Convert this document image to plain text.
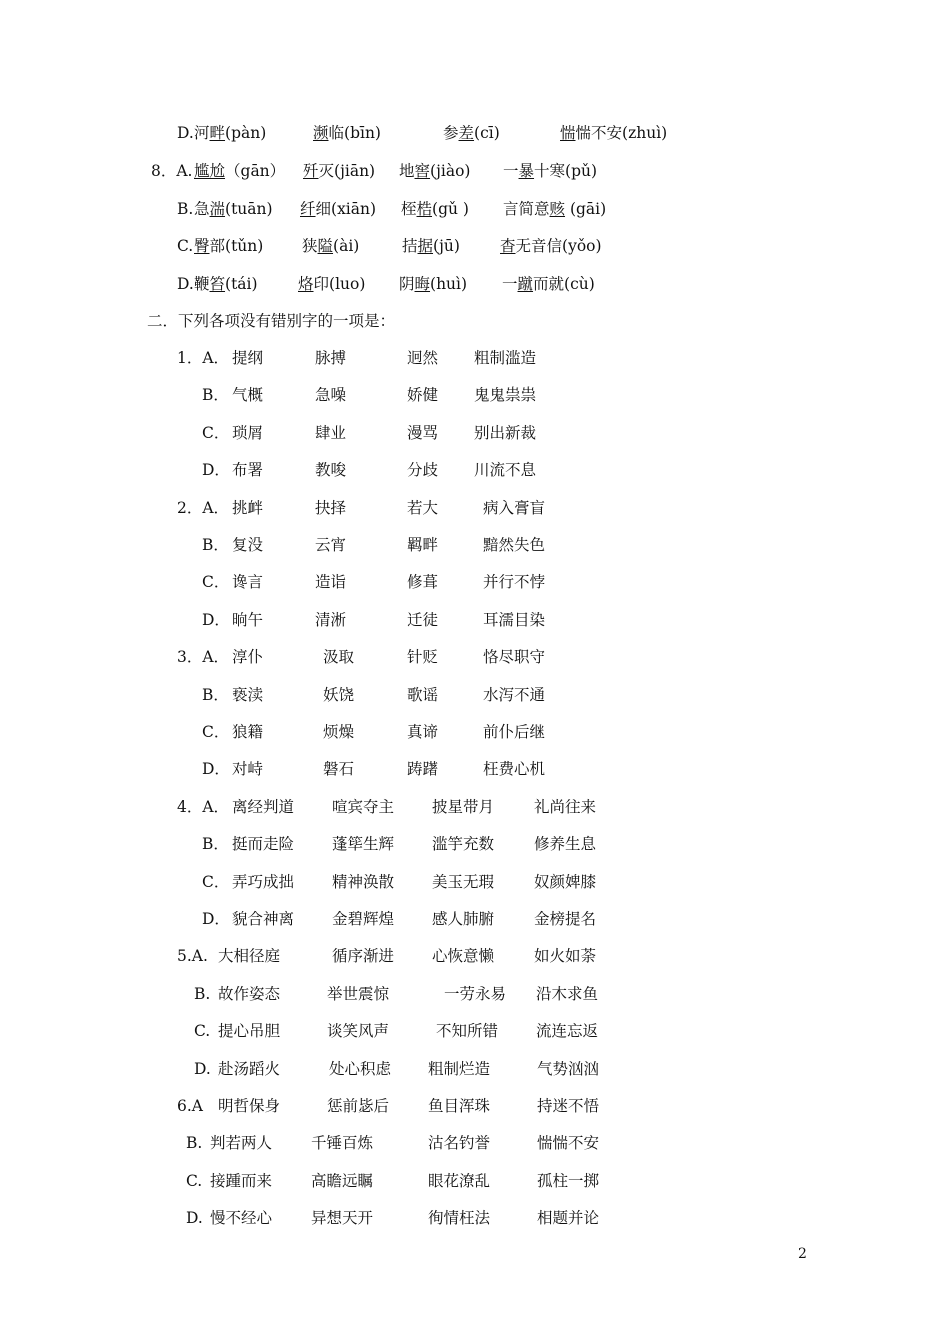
D. 河畔(pàn)	濒临(bīn)	参差(cī)	惴惴不安(zhuì)
8．A. 尴尬（gān） 歼灭(jiān) 地窖(jiào) 一暴十寒(pǔ)
B. 急湍(tuān) 纤细(xiān) 桎梏(gǔ ) 言简意赅 (gāi)
C. 臀部(tǔn) 狭隘(ài)	拮据(jū)	杳无音信(yǒo)
D. 鞭笞(tái)	烙印(luo) 阴晦(huì) 一蹴而就(cù)
1．A． 提纲	脉搏	迥然 粗制滥造
B． 气概	急噪	娇健 鬼鬼祟祟
C． 琐屑	肆业	漫骂 别出新裁
D． 布署	教唆	分歧 川流不息
2．A． 挑衅	抉择	若大	病入膏盲
B． 复没	云宵	羁畔	黯然失色
C． 谗言	造诣	修葺	并行不悖
D． 晌午	清淅	迁徒	耳濡目染
3．A． 淳仆	汲取	针贬	恪尽职守
B． 亵渎	妖饶	歌谣	水泻不通
C． 狼籍	烦燥	真谛	前仆后继
D． 对峙	磐石	踌躇	枉费心机
4．A． 离经判道 喧宾夺主 披星带月	礼尚往来
B． 挺而走险 蓬筚生辉 滥竽充数	修养生息
C． 弄巧成拙 精神涣散 美玉无瑕	奴颜婢膝
D． 貌合神离 金碧辉煌 感人肺腑	金榜提名
5.A. 大相径庭	循序渐进 心恢意懒	如火如荼
B. 故作姿态	举世震惊	一劳永易 沿木求鱼
C. 提心吊胆	谈笑风声	不知所错 流连忘返
D. 赴汤蹈火	处心积虑 粗制烂造	气势汹汹
6.A 明哲保身	惩前毖后	鱼目浑珠	持迷不悟
B. 判若两人	千锤百炼	沽名钓誉	惴惴不安
C. 接踵而来	高瞻远瞩	眼花潦乱	孤柱一掷
D. 慢不经心	异想天开	徇情枉法	相题并论
二．下列各项没有错别字的一项是：
2
